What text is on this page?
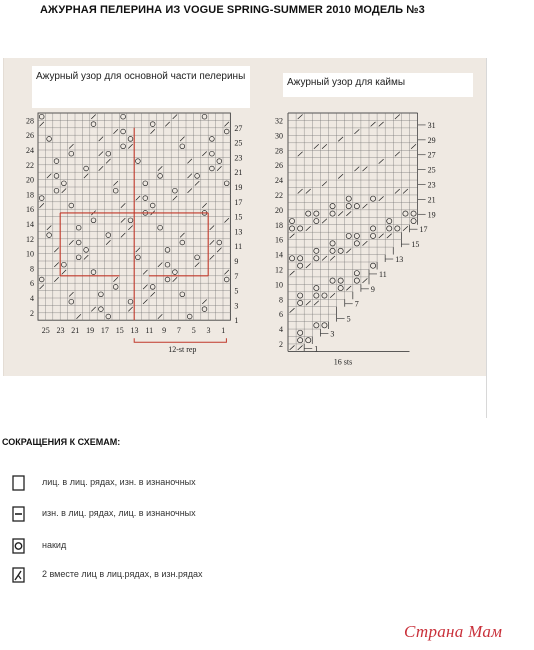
АЖУРНАЯ ПЕЛЕРИНА ИЗ VOGUE SPRING-SUMMER 2010 МОДЕЛЬ №3
28
26
24
22
20
18
16
14
12
10
8
6
4
2
27
25
23
21
19
17
15
13
11
9
7
5
3
1
25 23 21 19 17 15 13 11 9 7 5 3 1
12-st rep
32
30
28
26
24
22
20
18
16
14
12
10
8
6
4
2
31
29
27
25
23
21
19
17
15
13
11
9
7
5
3
1
16 sts
Ажурный узор для основной части пелерины
Ажурный узор для каймы
СОКРАЩЕНИЯ К СХЕМАМ:
лиц. в лиц. рядах, изн. в изнаночных
изн. в лиц. рядах, лиц. в изнаночных
накид
2 вместе лиц в лиц.рядах, в изн.рядах
Страна Мам
